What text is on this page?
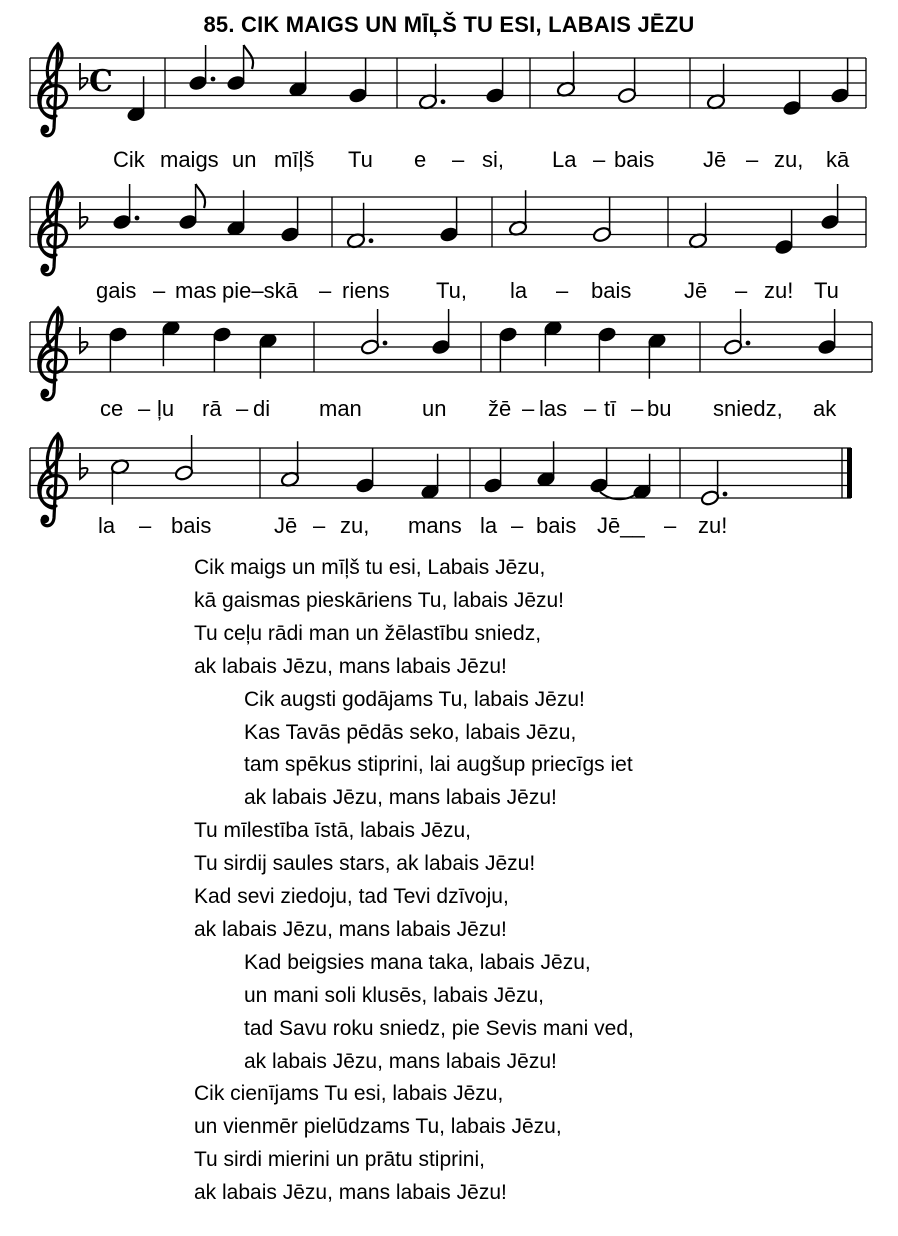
85. CIK MAIGS UN MĪĻŠ TU ESI, LABAIS JĒZU
C
Cik maigs un mīļš Tu e – si, La – bais Jē – zu, kā
gais – mas pie–skā – riens Tu, la – bais Jē – zu! Tu
ce – ļu rā – di man	un žē – las – tī – bu sniedz, ak
la – bais	Jē – zu, mans la – bais Jē__ – zu!
Cik maigs un mīļš tu esi, Labais Jēzu,
kā gaismas pieskāriens Tu, labais Jēzu!
Tu ceļu rādi man un žēlastību sniedz,
ak labais Jēzu, mans labais Jēzu!
Cik augsti godājams Tu, labais Jēzu!
Kas Tavās pēdās seko, labais Jēzu,
tam spēkus stiprini, lai augšup priecīgs iet
ak labais Jēzu, mans labais Jēzu!
Tu mīlestība īstā, labais Jēzu,
Tu sirdij saules stars, ak labais Jēzu!
Kad sevi ziedoju, tad Tevi dzīvoju,
ak labais Jēzu, mans labais Jēzu!
Kad beigsies mana taka, labais Jēzu,
un mani soli klusēs, labais Jēzu,
tad Savu roku sniedz, pie Sevis mani ved,
ak labais Jēzu, mans labais Jēzu!
Cik cienījams Tu esi, labais Jēzu,
un vienmēr pielūdzams Tu, labais Jēzu,
Tu sirdi mierini un prātu stiprini,
ak labais Jēzu, mans labais Jēzu!
